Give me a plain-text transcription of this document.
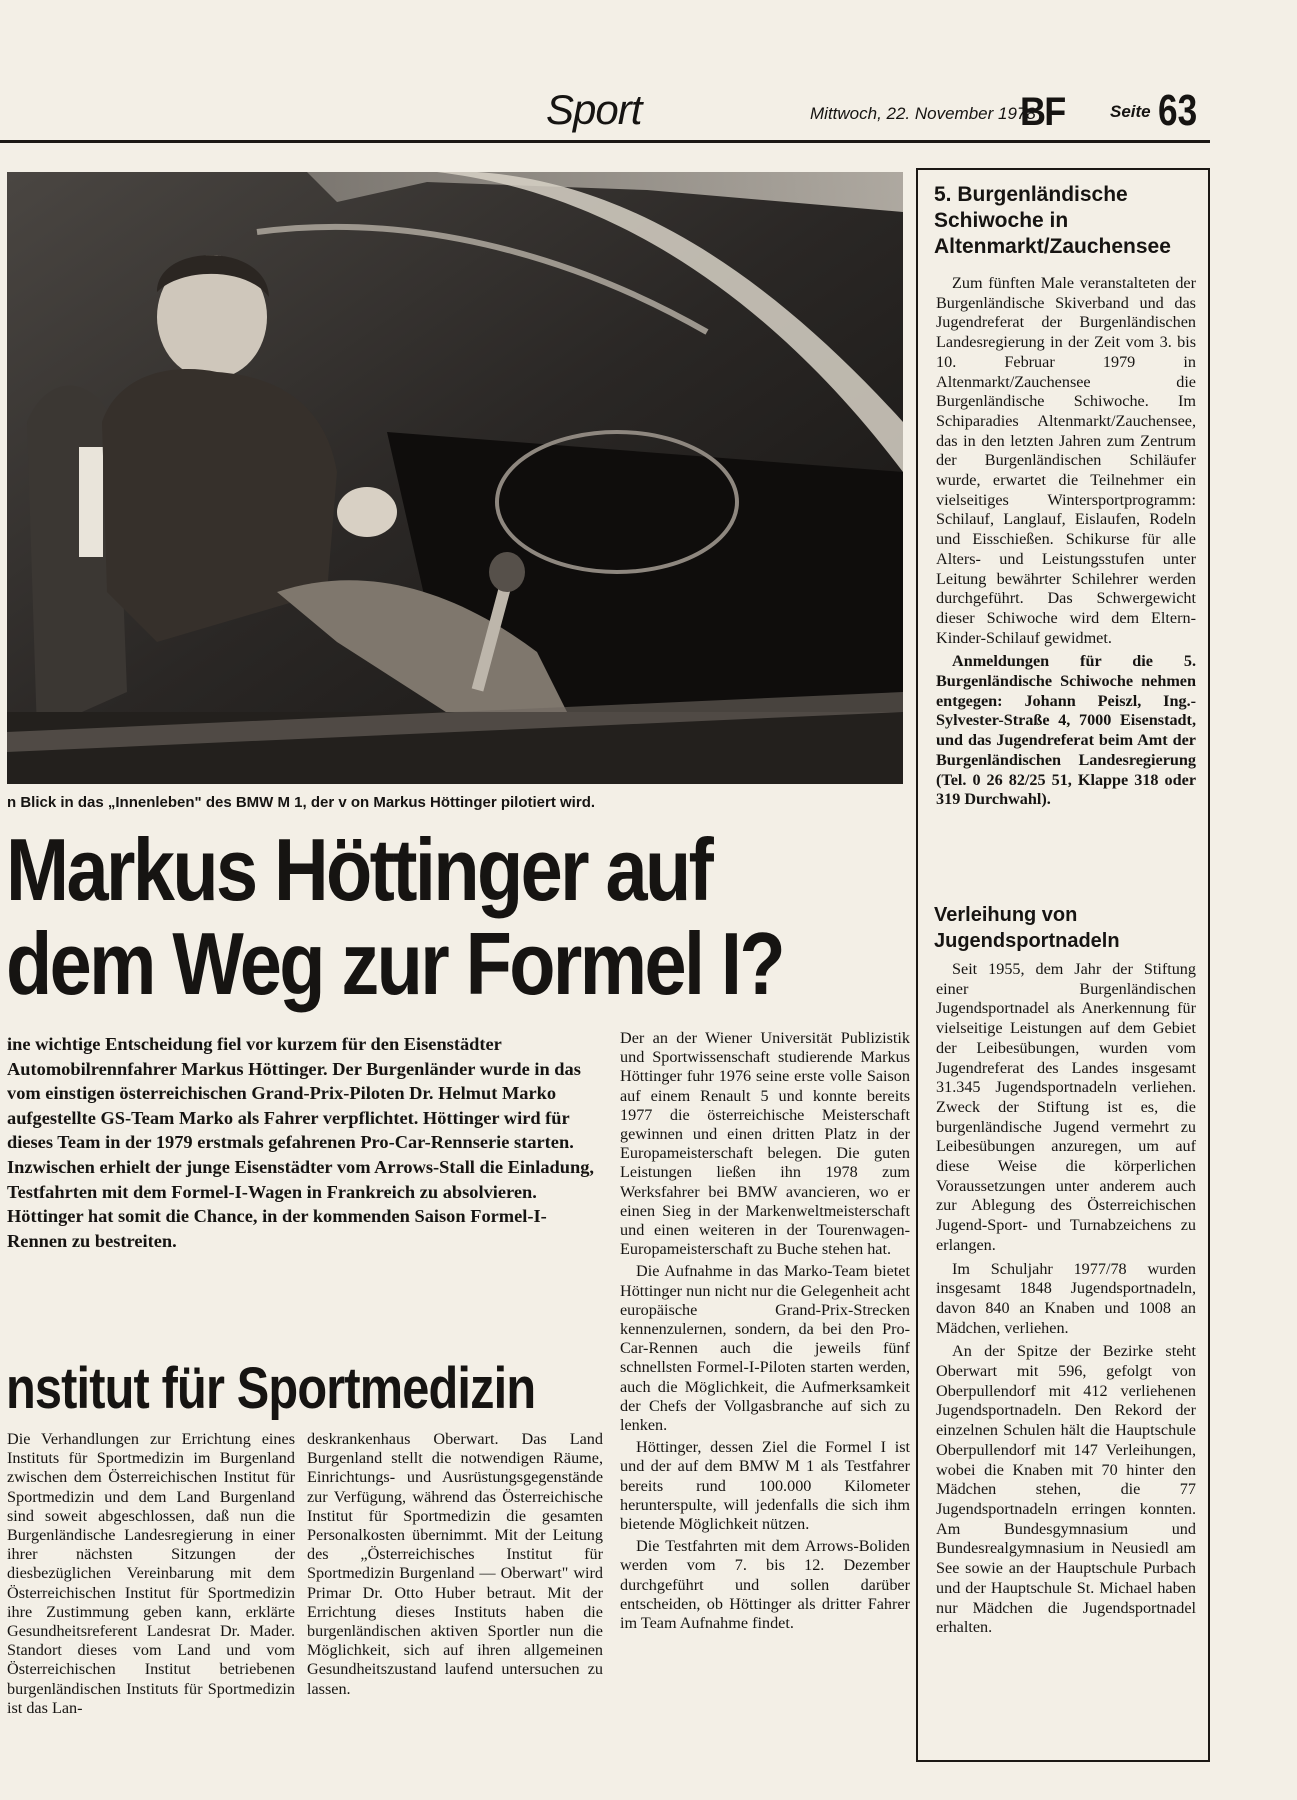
Sport	Mittwoch, 22. November 1978
BF	Seite 63
n Blick in das „Innenleben" des BMW M 1, der v on Markus Höttinger pilotiert wird.
Markus Höttinger auf
dem Weg zur Formel I?
ine wichtige Entscheidung fiel vor kurzem für den Eisenstädter Automobilrennfahrer Markus Höttinger. Der Burgenländer wurde in das vom einstigen österreichischen Grand-Prix-Piloten Dr. Helmut Marko aufgestellte GS-Team Marko als Fahrer verpflichtet. Höttinger wird für dieses Team in der 1979 erstmals gefahrenen Pro-Car-Rennserie starten. Inzwischen erhielt der junge Eisenstädter vom Arrows-Stall die Einladung, Testfahrten mit dem Formel-I-Wagen in Frankreich zu absolvieren. Höttinger hat somit die Chance, in der kommenden Saison Formel-I-Rennen zu bestreiten.

Der an der Wiener Universität Publizistik und Sportwissenschaft studierende Markus Höttinger fuhr 1976 seine erste volle Saison auf einem Renault 5 und konnte bereits 1977 die österreichische Meisterschaft gewinnen und einen dritten Platz in der Europameisterschaft belegen. Die guten Leistungen ließen ihn 1978 zum Werksfahrer bei BMW avancieren, wo er einen Sieg in der Markenweltmeisterschaft und einen weiteren in der Tourenwagen-Europameisterschaft zu Buche stehen hat.

Die Aufnahme in das Marko-Team bietet Höttinger nun nicht nur die Gelegenheit acht europäische Grand-Prix-Strecken kennenzulernen, sondern, da bei den Pro-Car-Rennen auch die jeweils fünf schnellsten Formel-I-Piloten starten werden, auch die Möglichkeit, die Aufmerksamkeit der Chefs der Vollgasbranche auf sich zu lenken.

Höttinger, dessen Ziel die Formel I ist und der auf dem BMW M 1 als Testfahrer bereits rund 100.000 Kilometer herunterspulte, will jedenfalls die sich ihm bietende Möglichkeit nützen.

Die Testfahrten mit dem Arrows-Boliden werden vom 7. bis 12. Dezember durchgeführt und sollen darüber entscheiden, ob Höttinger als dritter Fahrer im Team Aufnahme findet.

nstitut für Sportmedizin

Die Verhandlungen zur Errichtung eines Instituts für Sportmedizin im Burgenland zwischen dem Österreichischen Institut für Sportmedizin und dem Land Burgenland sind soweit abgeschlossen, daß nun die Burgenländische Landesregierung in einer ihrer nächsten Sitzungen der diesbezüglichen Vereinbarung mit dem Österreichischen Institut für Sportmedizin ihre Zustimmung geben kann, erklärte Gesundheitsreferent Landesrat Dr. Mader. Standort dieses vom Land und vom Österreichischen Institut betriebenen burgenländischen Instituts für Sportmedizin ist das Lan-

deskrankenhaus Oberwart. Das Land Burgenland stellt die notwendigen Räume, Einrichtungs- und Ausrüstungsgegenstände zur Verfügung, während das Österreichische Institut für Sportmedizin die gesamten Personalkosten übernimmt. Mit der Leitung des „Österreichisches Institut für Sportmedizin Burgenland — Oberwart" wird Primar Dr. Otto Huber betraut. Mit der Errichtung dieses Instituts haben die burgenländischen aktiven Sportler nun die Möglichkeit, sich auf ihren allgemeinen Gesundheitszustand laufend untersuchen zu lassen.

5. Burgenländische Schiwoche in Altenmarkt/Zauchensee

Zum fünften Male veranstalteten der Burgenländische Skiverband und das Jugendreferat der Burgenländischen Landesregierung in der Zeit vom 3. bis 10. Februar 1979 in Altenmarkt/Zauchensee die Burgenländische Schiwoche. Im Schiparadies Altenmarkt/Zauchensee, das in den letzten Jahren zum Zentrum der Burgenländischen Schiläufer wurde, erwartet die Teilnehmer ein vielseitiges Wintersportprogramm: Schilauf, Langlauf, Eislaufen, Rodeln und Eisschießen. Schikurse für alle Alters- und Leistungsstufen unter Leitung bewährter Schilehrer werden durchgeführt. Das Schwergewicht dieser Schiwoche wird dem Eltern-Kinder-Schilauf gewidmet.

Anmeldungen für die 5. Burgenländische Schiwoche nehmen entgegen: Johann Peiszl, Ing.-Sylvester-Straße 4, 7000 Eisenstadt, und das Jugendreferat beim Amt der Burgenländischen Landesregierung (Tel. 0 26 82/25 51, Klappe 318 oder 319 Durchwahl).

Verleihung von Jugendsportnadeln

Seit 1955, dem Jahr der Stiftung einer Burgenländischen Jugendsportnadel als Anerkennung für vielseitige Leistungen auf dem Gebiet der Leibesübungen, wurden vom Jugendreferat des Landes insgesamt 31.345 Jugendsportnadeln verliehen. Zweck der Stiftung ist es, die burgenländische Jugend vermehrt zu Leibesübungen anzuregen, um auf diese Weise die körperlichen Voraussetzungen unter anderem auch zur Ablegung des Österreichischen Jugend-Sport- und Turnabzeichens zu erlangen.

Im Schuljahr 1977/78 wurden insgesamt 1848 Jugendsportnadeln, davon 840 an Knaben und 1008 an Mädchen, verliehen.

An der Spitze der Bezirke steht Oberwart mit 596, gefolgt von Oberpullendorf mit 412 verliehenen Jugendsportnadeln. Den Rekord der einzelnen Schulen hält die Hauptschule Oberpullendorf mit 147 Verleihungen, wobei die Knaben mit 70 hinter den Mädchen stehen, die 77 Jugendsportnadeln erringen konnten. Am Bundesgymnasium und Bundesrealgymnasium in Neusiedl am See sowie an der Hauptschule Purbach und der Hauptschule St. Michael haben nur Mädchen die Jugendsportnadel erhalten.
